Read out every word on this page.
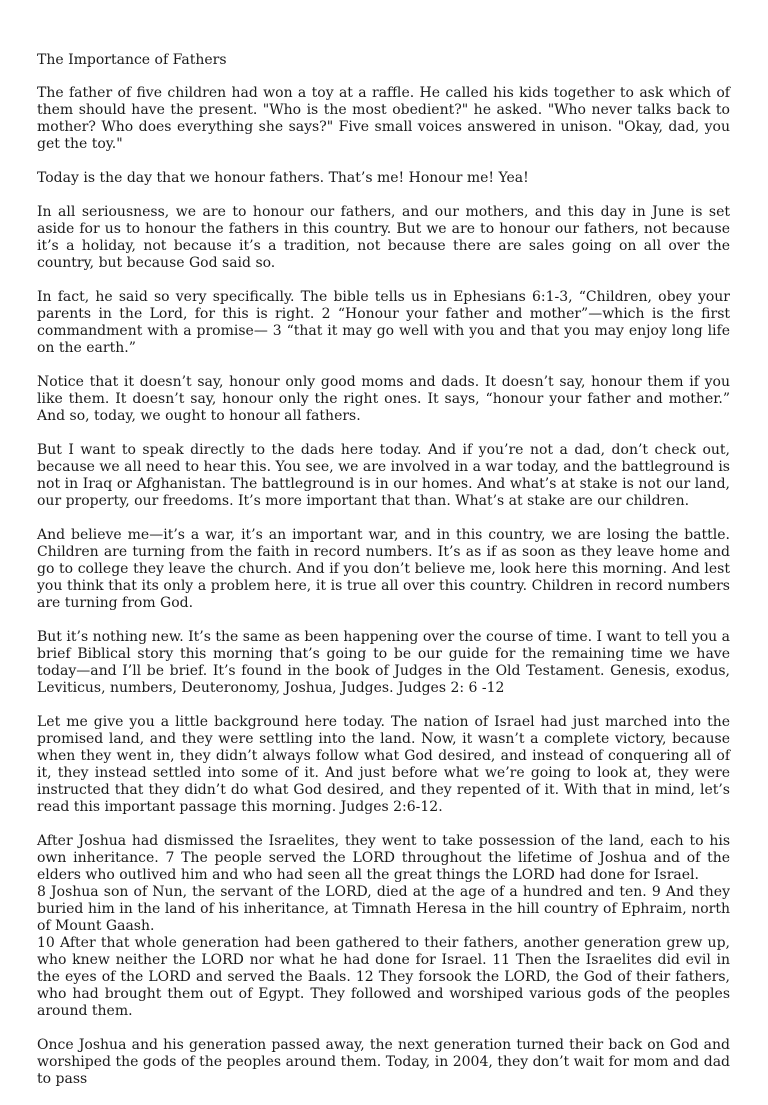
The Importance of Fathers

The father of five children had won a toy at a raffle. He called his kids together to ask which of them should have the present. "Who is the most obedient?" he asked. "Who never talks back to mother? Who does everything she says?" Five small voices answered in unison. "Okay, dad, you get the toy."

Today is the day that we honour fathers. That’s me! Honour me! Yea!

In all seriousness, we are to honour our fathers, and our mothers, and this day in June is set aside for us to honour the fathers in this country. But we are to honour our fathers, not because it’s a holiday, not because it’s a tradition, not because there are sales going on all over the country, but because God said so.

In fact, he said so very specifically. The bible tells us in Ephesians 6:1-3, “Children, obey your parents in the Lord, for this is right. 2 “Honour your father and mother”—which is the first commandment with a promise— 3 “that it may go well with you and that you may enjoy long life on the earth.”

Notice that it doesn’t say, honour only good moms and dads. It doesn’t say, honour them if you like them. It doesn’t say, honour only the right ones. It says, “honour your father and mother.” And so, today, we ought to honour all fathers.

But I want to speak directly to the dads here today. And if you’re not a dad, don’t check out, because we all need to hear this. You see, we are involved in a war today, and the battleground is not in Iraq or Afghanistan. The battleground is in our homes. And what’s at stake is not our land, our property, our freedoms. It’s more important that than. What’s at stake are our children.

And believe me—it’s a war, it’s an important war, and in this country, we are losing the battle. Children are turning from the faith in record numbers. It’s as if as soon as they leave home and go to college they leave the church. And if you don’t believe me, look here this morning. And lest you think that its only a problem here, it is true all over this country. Children in record numbers are turning from God.

But it’s nothing new. It’s the same as been happening over the course of time. I want to tell you a brief Biblical story this morning that’s going to be our guide for the remaining time we have today—and I’ll be brief. It’s found in the book of Judges in the Old Testament. Genesis, exodus, Leviticus, numbers, Deuteronomy, Joshua, Judges. Judges 2: 6 -12

Let me give you a little background here today. The nation of Israel had just marched into the promised land, and they were settling into the land. Now, it wasn’t a complete victory, because when they went in, they didn’t always follow what God desired, and instead of conquering all of it, they instead settled into some of it. And just before what we’re going to look at, they were instructed that they didn’t do what God desired, and they repented of it. With that in mind, let’s read this important passage this morning. Judges 2:6-12.

After Joshua had dismissed the Israelites, they went to take possession of the land, each to his own inheritance. 7 The people served the LORD throughout the lifetime of Joshua and of the elders who outlived him and who had seen all the great things the LORD had done for Israel.

8 Joshua son of Nun, the servant of the LORD, died at the age of a hundred and ten. 9 And they buried him in the land of his inheritance, at Timnath Heresa in the hill country of Ephraim, north of Mount Gaash.

10 After that whole generation had been gathered to their fathers, another generation grew up, who knew neither the LORD nor what he had done for Israel. 11 Then the Israelites did evil in the eyes of the LORD and served the Baals. 12 They forsook the LORD, the God of their fathers, who had brought them out of Egypt. They followed and worshiped various gods of the peoples around them.

Once Joshua and his generation passed away, the next generation turned their back on God and worshiped the gods of the peoples around them. Today, in 2004, they don’t wait for mom and dad to pass
